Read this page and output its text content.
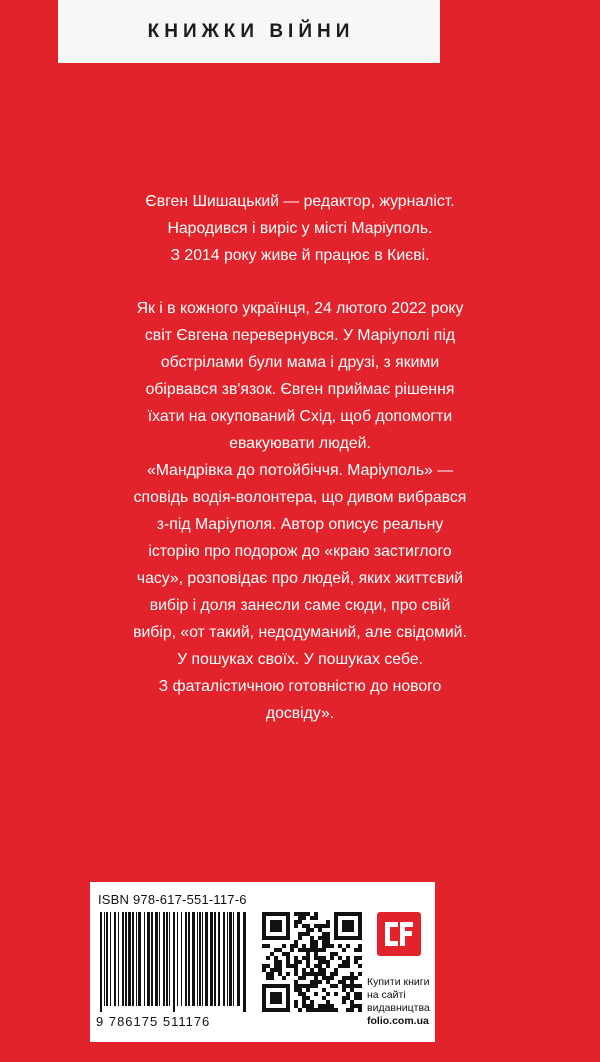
КНИЖКИ ВІЙНИ

Євген Шишацький — редактор, журналіст.

Народився і виріс у місті Маріуполь.

З 2014 року живе й працює в Києві.

Як і в кожного українця, 24 лютого 2022 року

світ Євгена перевернувся. У Маріуполі під

обстрілами були мама і друзі, з якими

обірвався зв'язок. Євген приймає рішення

їхати на окупований Схід, щоб допомогти

евакуювати людей.

«Мандрівка до потойбіччя. Маріуполь» —

сповідь водія-волонтера, що дивом вибрався

з-під Маріуполя. Автор описує реальну

історію про подорож до «краю застиглого

часу», розповідає про людей, яких життєвий

вибір і доля занесли саме сюди, про свій

вибір, «от такий, недодуманий, але свідомий.

У пошуках своїх. У пошуках себе.

З фаталістичною готовністю до нового

досвіду».

ISBN 978-617-551-117-6
9 786175 511176
Купити книги
на сайті
видавництва
folio.com.ua
